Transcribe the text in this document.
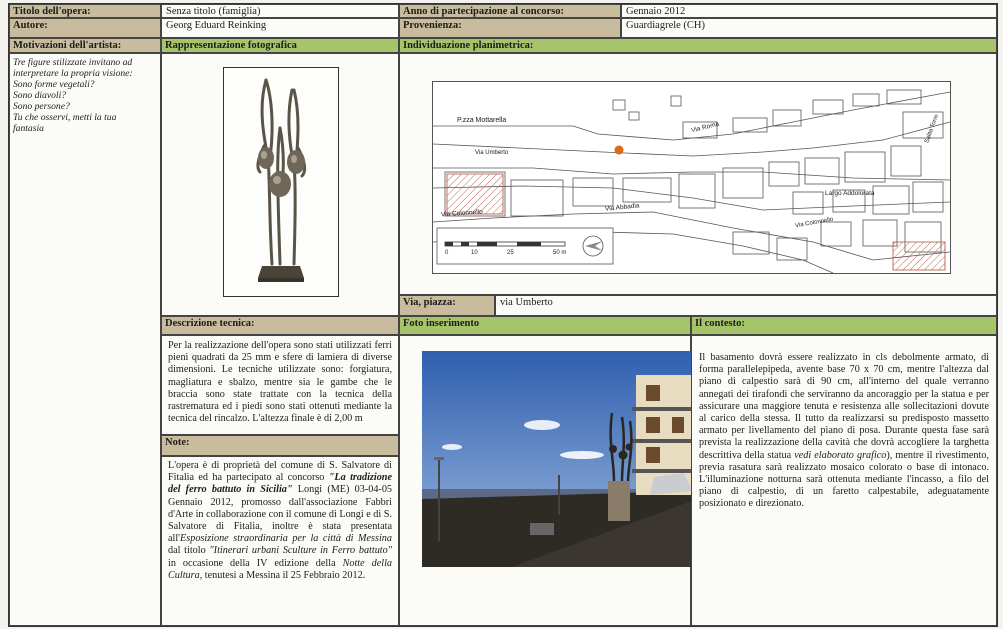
Titolo dell'opera:	Senza titolo (famiglia)	Anno di partecipazione al concorso:	Gennaio 2012
Autore:	Georg Eduard Reinking	Provenienza:	Guardiagrele (CH)
Motivazioni dell'artista:	Rappresentazione fotografica	Individuazione planimetrica:
Tre figure stilizzate invitano ad
interpretare la propria visione:
Sono forme vegetali?
Sono diavoli?
Sono persone?
Tu che osservi, metti la tua
fantasia
P.zza Mottarella
Via Roma
Via Umberto
Via Abbadia
Via Colonnello
Largo Addolorata
Via Colonnello
Salita Torre
0	10	25	50 m
Via, piazza:	via Umberto
Descrizione tecnica:	Foto inserimento	Il contesto:
Per la realizzazione dell'opera sono stati utilizzati ferri pieni quadrati da 25 mm e sfere di lamiera di diverse dimensioni. Le tecniche utilizzate sono: forgiatura, magliatura e sbalzo, mentre sia le gambe che le braccia sono state trattate con la tecnica della rastrematura ed i piedi sono stati ottenuti mediante la tecnica del rincalzo. L'altezza finale è di 2,00 m
Note:
L'opera è di proprietà del comune di S. Salvatore di Fitalia ed ha partecipato al concorso "La tradizione del ferro battuto in Sicilia" Longi (ME) 03-04-05 Gennaio 2012, promosso dall'associazione Fabbri d'Arte in collaborazione con il comune di Longi e di S. Salvatore di Fitalia, inoltre è stata presentata all'Esposizione straordinaria per la città di Messina dal titolo "Itinerari urbani Sculture in Ferro battuto" in occasione della IV edizione della Notte della Cultura, tenutesi a Messina il 25 Febbraio 2012.
Il basamento dovrà essere realizzato in cls debolmente armato, di forma parallelepipeda, avente base 70 x 70 cm, mentre l'altezza dal piano di calpestio sarà di 90 cm, all'interno del quale verranno annegati dei tirafondi che serviranno da ancoraggio per la statua e per assicurare una maggiore tenuta e resistenza alle sollecitazioni dovute al carico della stessa. Il tutto da realizzarsi su predisposto massetto armato per livellamento del piano di posa. Durante questa fase sarà prevista la realizzazione della cavità che dovrà accogliere la targhetta descrittiva della statua vedi elaborato grafico), mentre il rivestimento, previa rasatura sarà realizzato mosaico colorato o base di intonaco. L'illuminazione notturna sarà ottenuta mediante l'incasso, a filo del piano di calpestio, di un faretto calpestabile, adeguatamente posizionato e direzionato.
